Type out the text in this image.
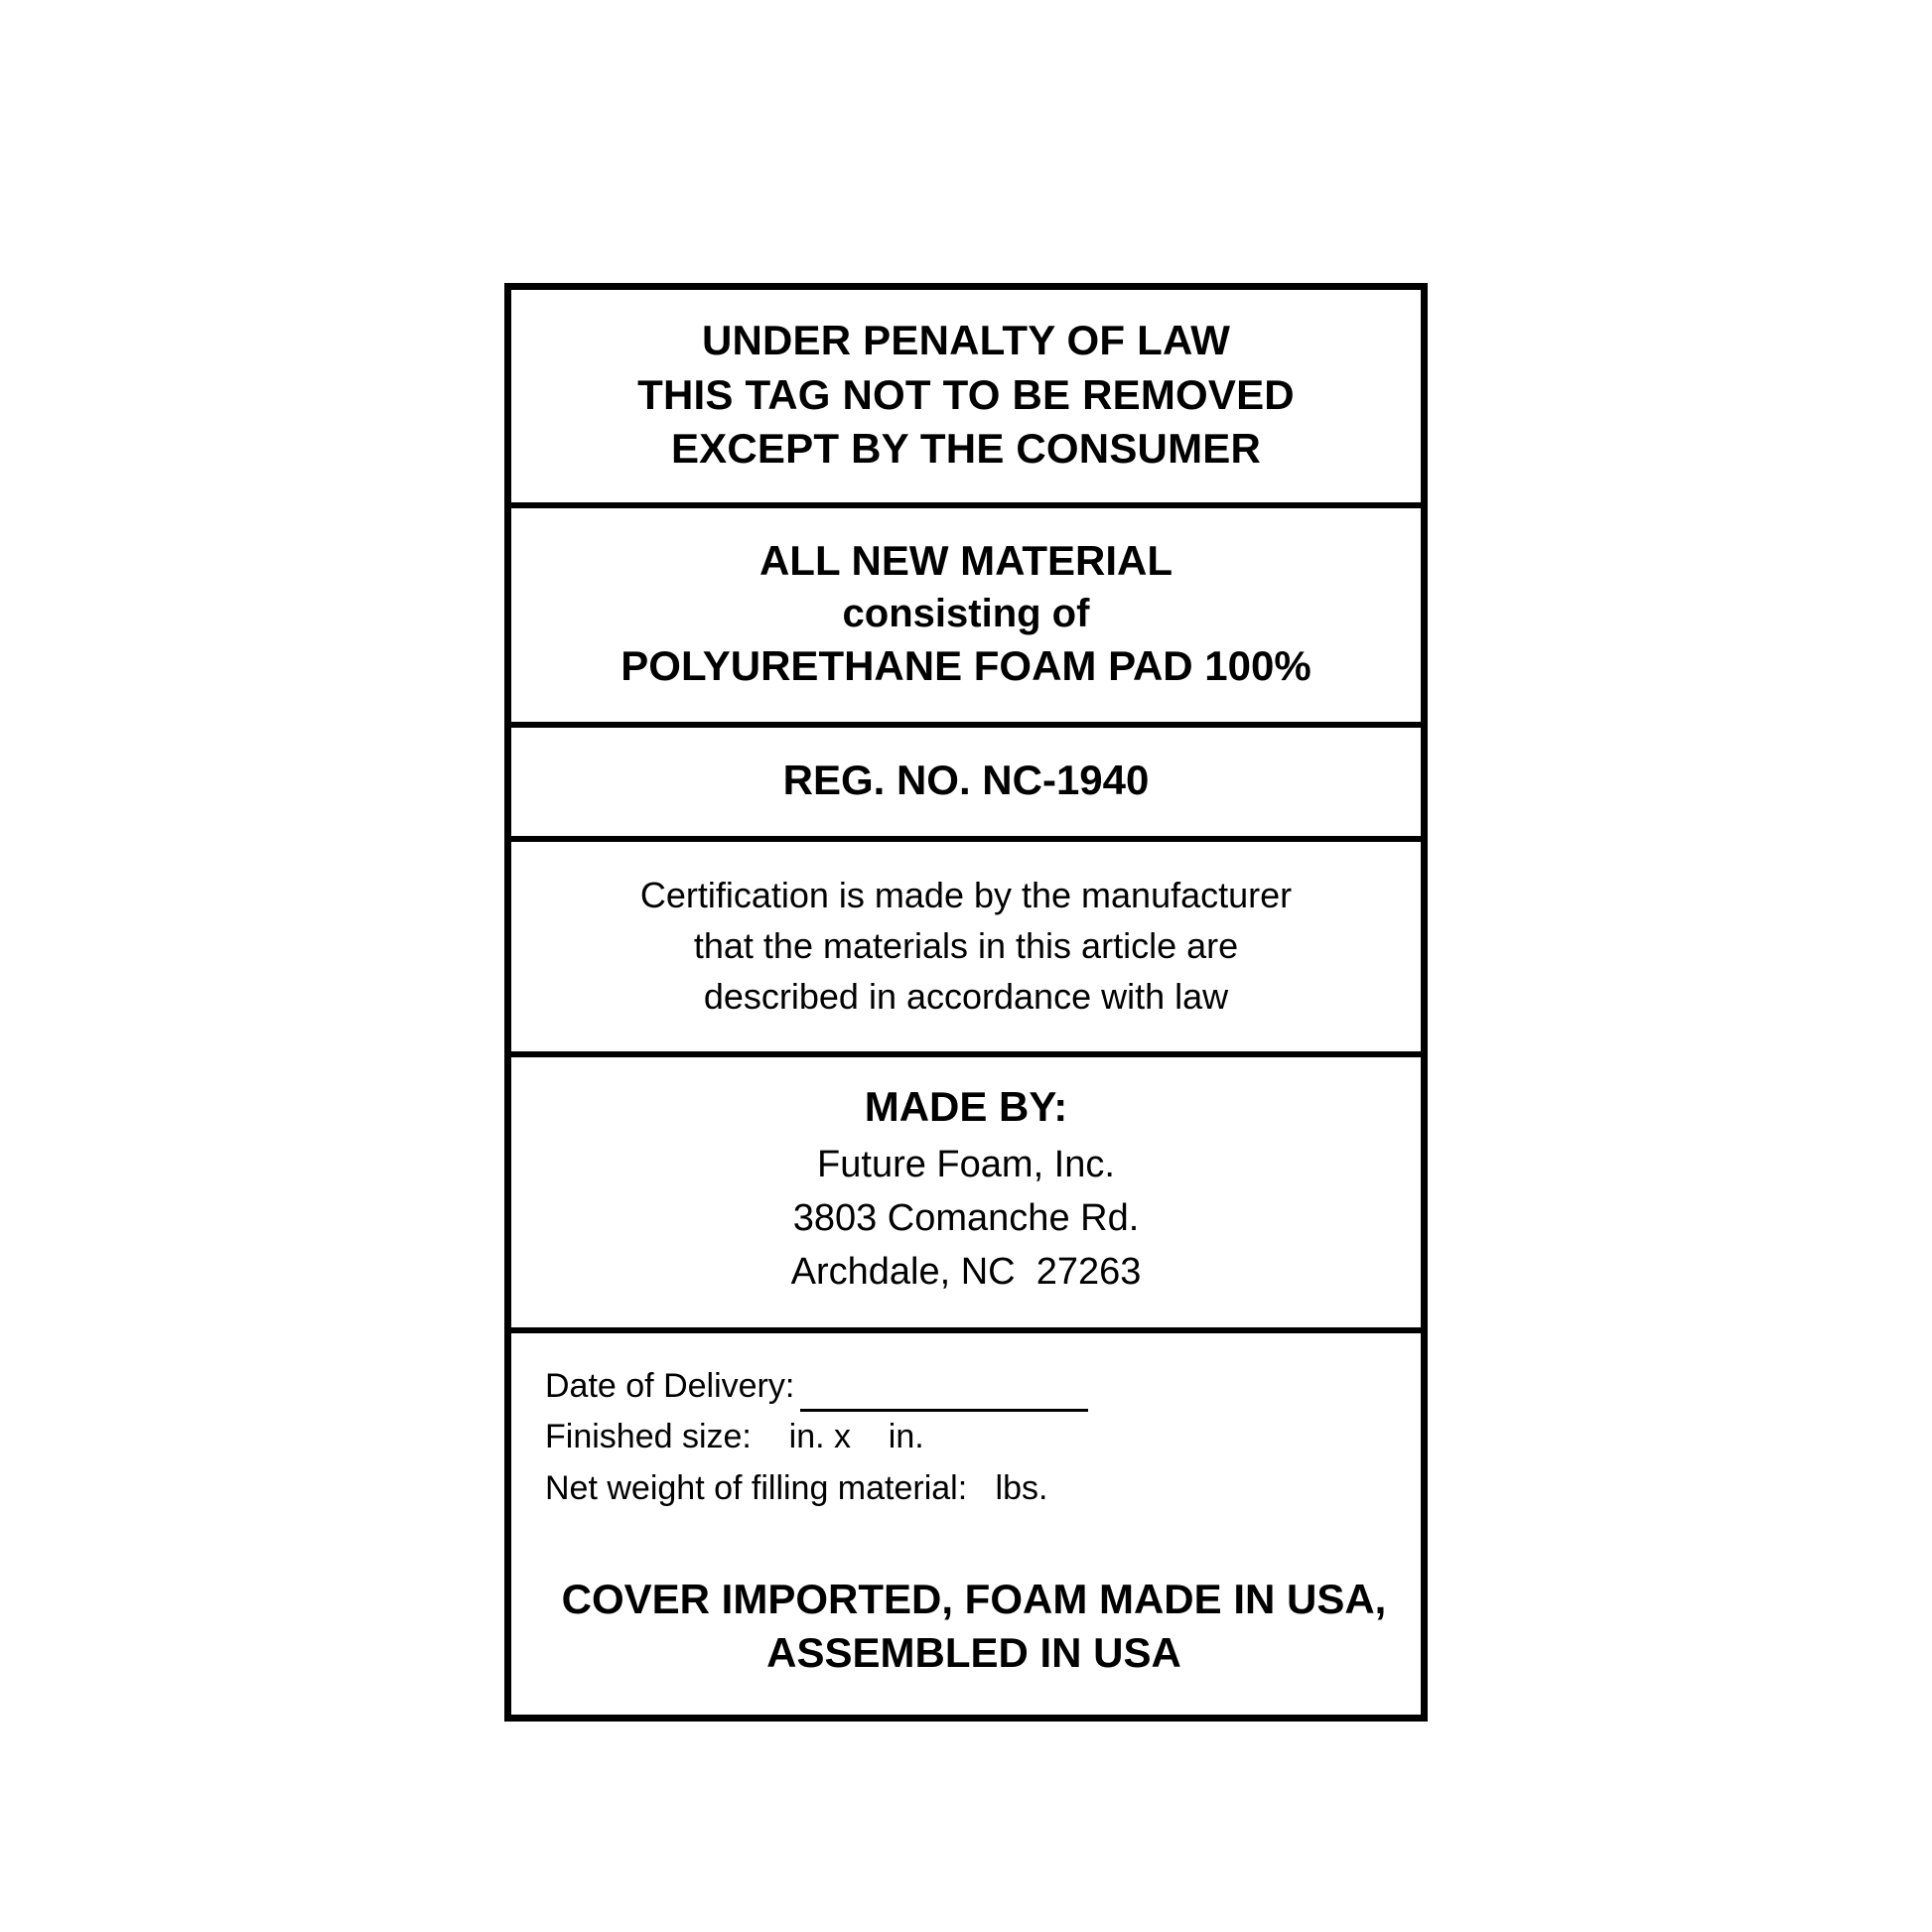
UNDER PENALTY OF LAW
THIS TAG NOT TO BE REMOVED
EXCEPT BY THE CONSUMER
ALL NEW MATERIAL
consisting of
POLYURETHANE FOAM PAD 100%
REG. NO. NC-1940
Certification is made by the manufacturer
that the materials in this article are
described in accordance with law
MADE BY:
Future Foam, Inc.
3803 Comanche Rd.
Archdale, NC  27263
Date of Delivery:
Finished size:    in. x    in.
Net weight of filling material:   lbs.
COVER IMPORTED, FOAM MADE IN USA,
ASSEMBLED IN USA
